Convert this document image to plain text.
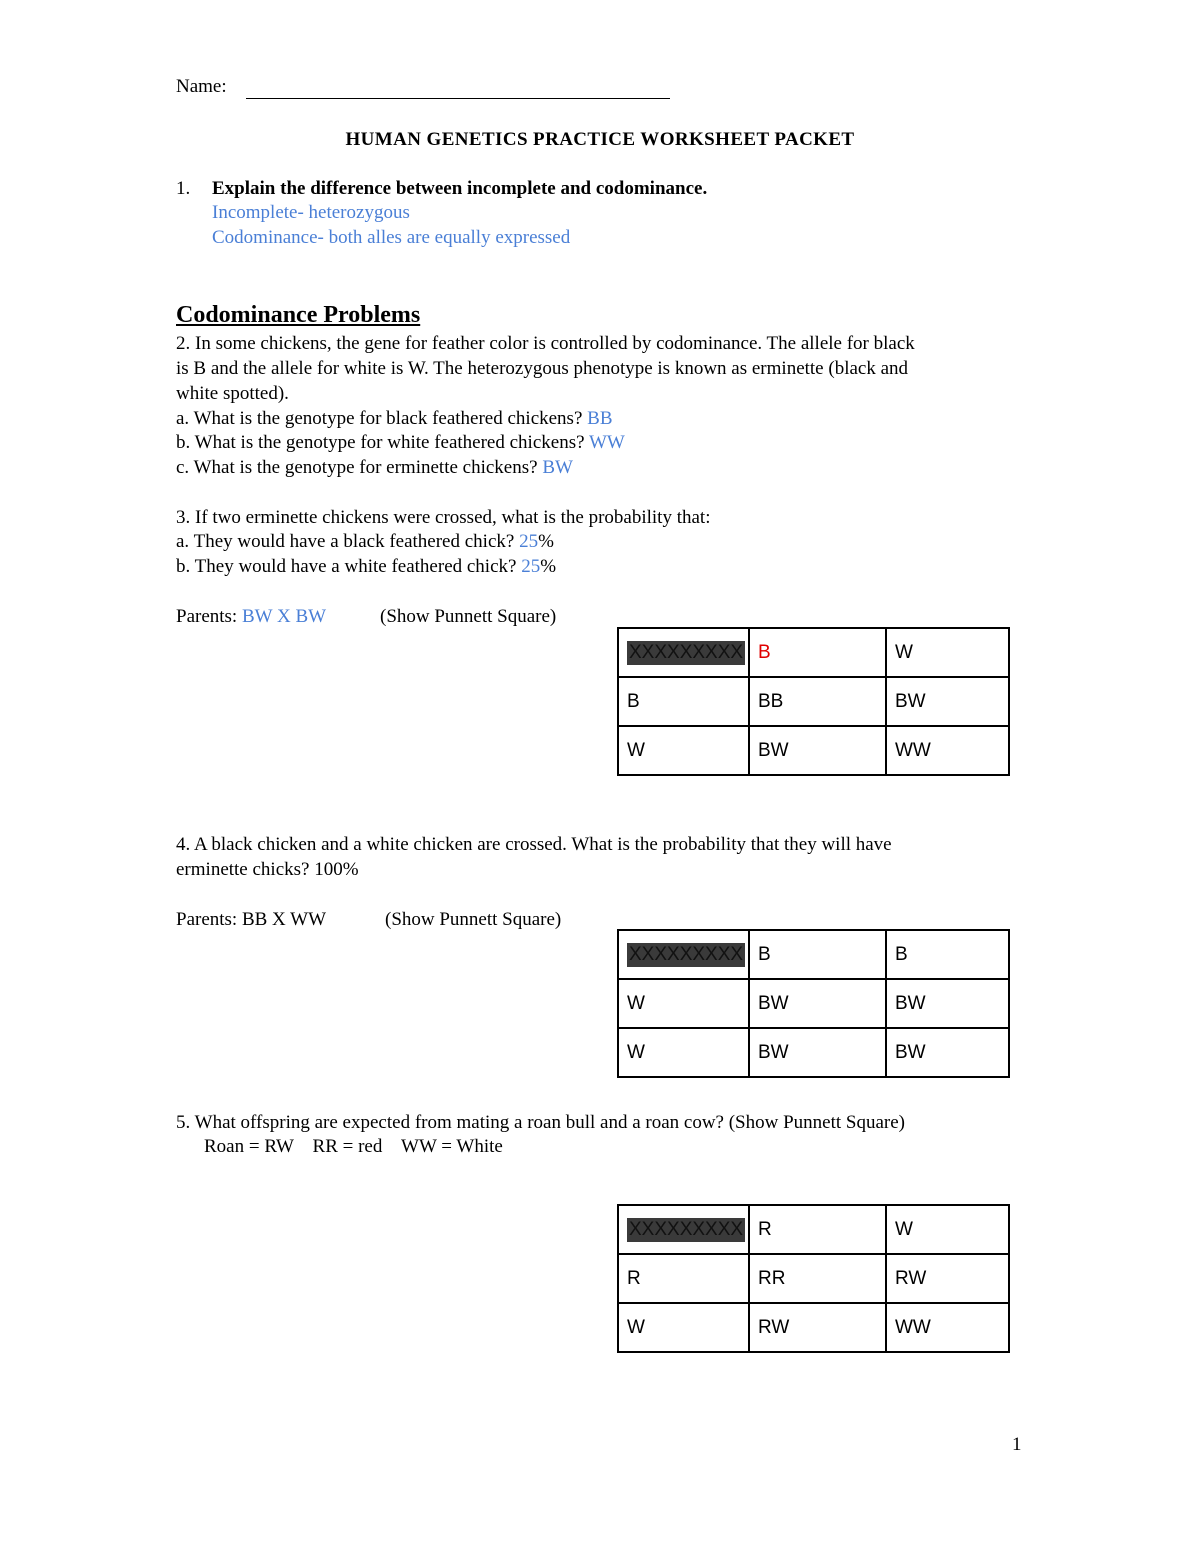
Name:
HUMAN GENETICS PRACTICE WORKSHEET PACKET
1. Explain the difference between incomplete and codominance.
Incomplete- heterozygous
Codominance- both alles are equally expressed
Codominance Problems
2. In some chickens, the gene for feather color is controlled by codominance. The allele for black
is B and the allele for white is W. The heterozygous phenotype is known as erminette (black and
white spotted).
a. What is the genotype for black feathered chickens? BB
b. What is the genotype for white feathered chickens? WW
c. What is the genotype for erminette chickens? BW
3. If two erminette chickens were crossed, what is the probability that:
a. They would have a black feathered chick? 25%
b. They would have a white feathered chick? 25%
Parents: BW X BW	(Show Punnett Square)
XXXXXXXXX	B	W
B	BB	BW
W	BW	WW
4. A black chicken and a white chicken are crossed. What is the probability that they will have
erminette chicks? 100%
Parents: BB X WW	(Show Punnett Square)
XXXXXXXXX	B	B
W	BW	BW
W	BW	BW
5. What offspring are expected from mating a roan bull and a roan cow? (Show Punnett Square)
Roan = RW    RR = red    WW = White
XXXXXXXXX	R	W
R	RR	RW
W	RW	WW
1
